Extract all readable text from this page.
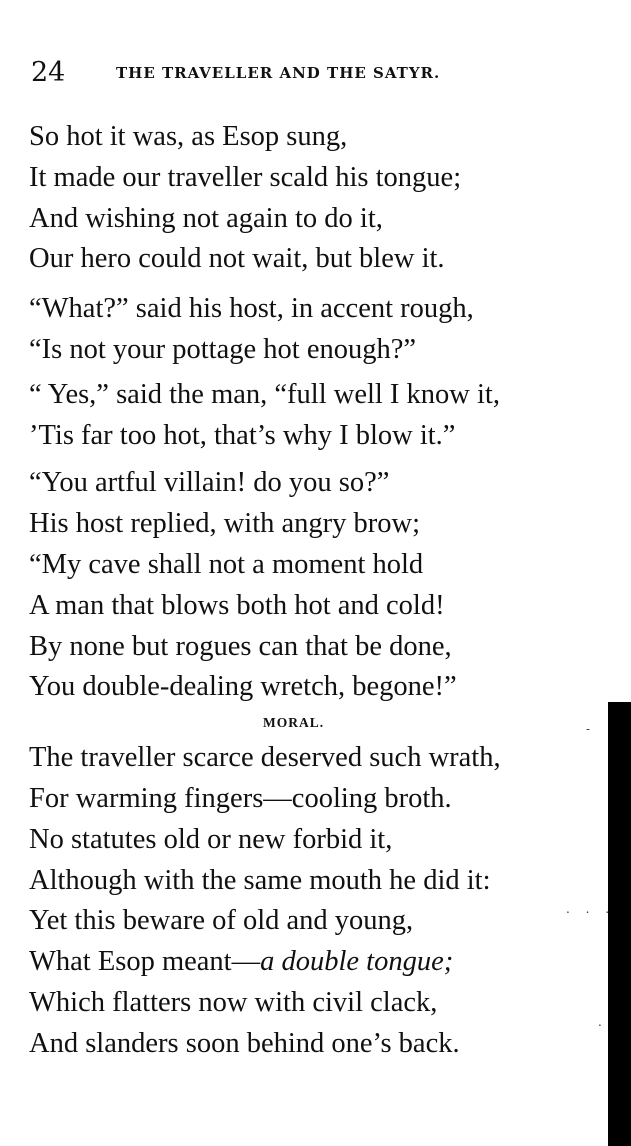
24	THE TRAVELLER AND THE SATYR.
So hot it was, as Esop sung,
It made our traveller scald his tongue;
And wishing not again to do it,
Our hero could not wait, but blew it.
“What?” said his host, in accent rough,
“Is not your pottage hot enough?”
“ Yes,” said the man, “full well I know it,
’Tis far too hot, that’s why I blow it.”
“You artful villain! do you so?”
His host replied, with angry brow;
“My cave shall not a moment hold
A man that blows both hot and cold!
By none but rogues can that be done,
You double-dealing wretch, begone!”
MORAL.
The traveller scarce deserved such wrath,
For warming fingers—cooling broth.
No statutes old or new forbid it,
Although with the same mouth he did it:
Yet this beware of old and young,
What Esop meant—a double tongue;
Which flatters now with civil clack,
And slanders soon behind one’s back.
-
. . .
.
